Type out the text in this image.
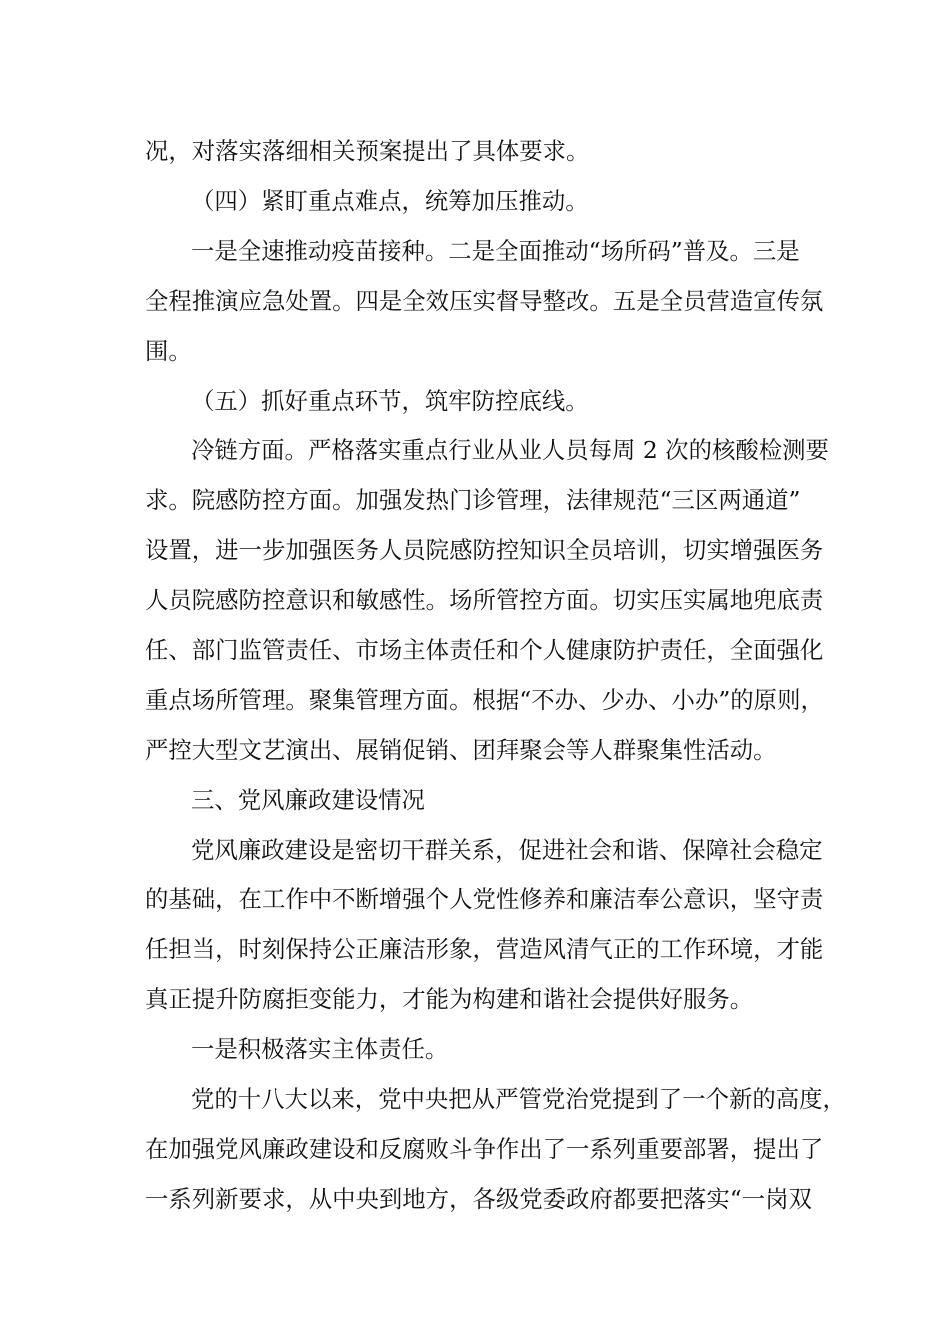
况，对落实落细相关预案提出了具体要求。
（四）紧盯重点难点，统筹加压推动。
一是全速推动疫苗接种。二是全面推动“场所码”普及。三是
全程推演应急处置。四是全效压实督导整改。五是全员营造宣传氛
围。
（五）抓好重点环节，筑牢防控底线。
冷链方面。严格落实重点行业从业人员每周 2 次的核酸检测要
求。院感防控方面。加强发热门诊管理，法律规范“三区两通道”
设置，进一步加强医务人员院感防控知识全员培训，切实增强医务
人员院感防控意识和敏感性。场所管控方面。切实压实属地兜底责
任、部门监管责任、市场主体责任和个人健康防护责任，全面强化
重点场所管理。聚集管理方面。根据“不办、少办、小办”的原则，
严控大型文艺演出、展销促销、团拜聚会等人群聚集性活动。
三、党风廉政建设情况
党风廉政建设是密切干群关系，促进社会和谐、保障社会稳定
的基础，在工作中不断增强个人党性修养和廉洁奉公意识，坚守责
任担当，时刻保持公正廉洁形象，营造风清气正的工作环境，才能
真正提升防腐拒变能力，才能为构建和谐社会提供好服务。
一是积极落实主体责任。
党的十八大以来，党中央把从严管党治党提到了一个新的高度，
在加强党风廉政建设和反腐败斗争作出了一系列重要部署，提出了
一系列新要求，从中央到地方，各级党委政府都要把落实“一岗双
